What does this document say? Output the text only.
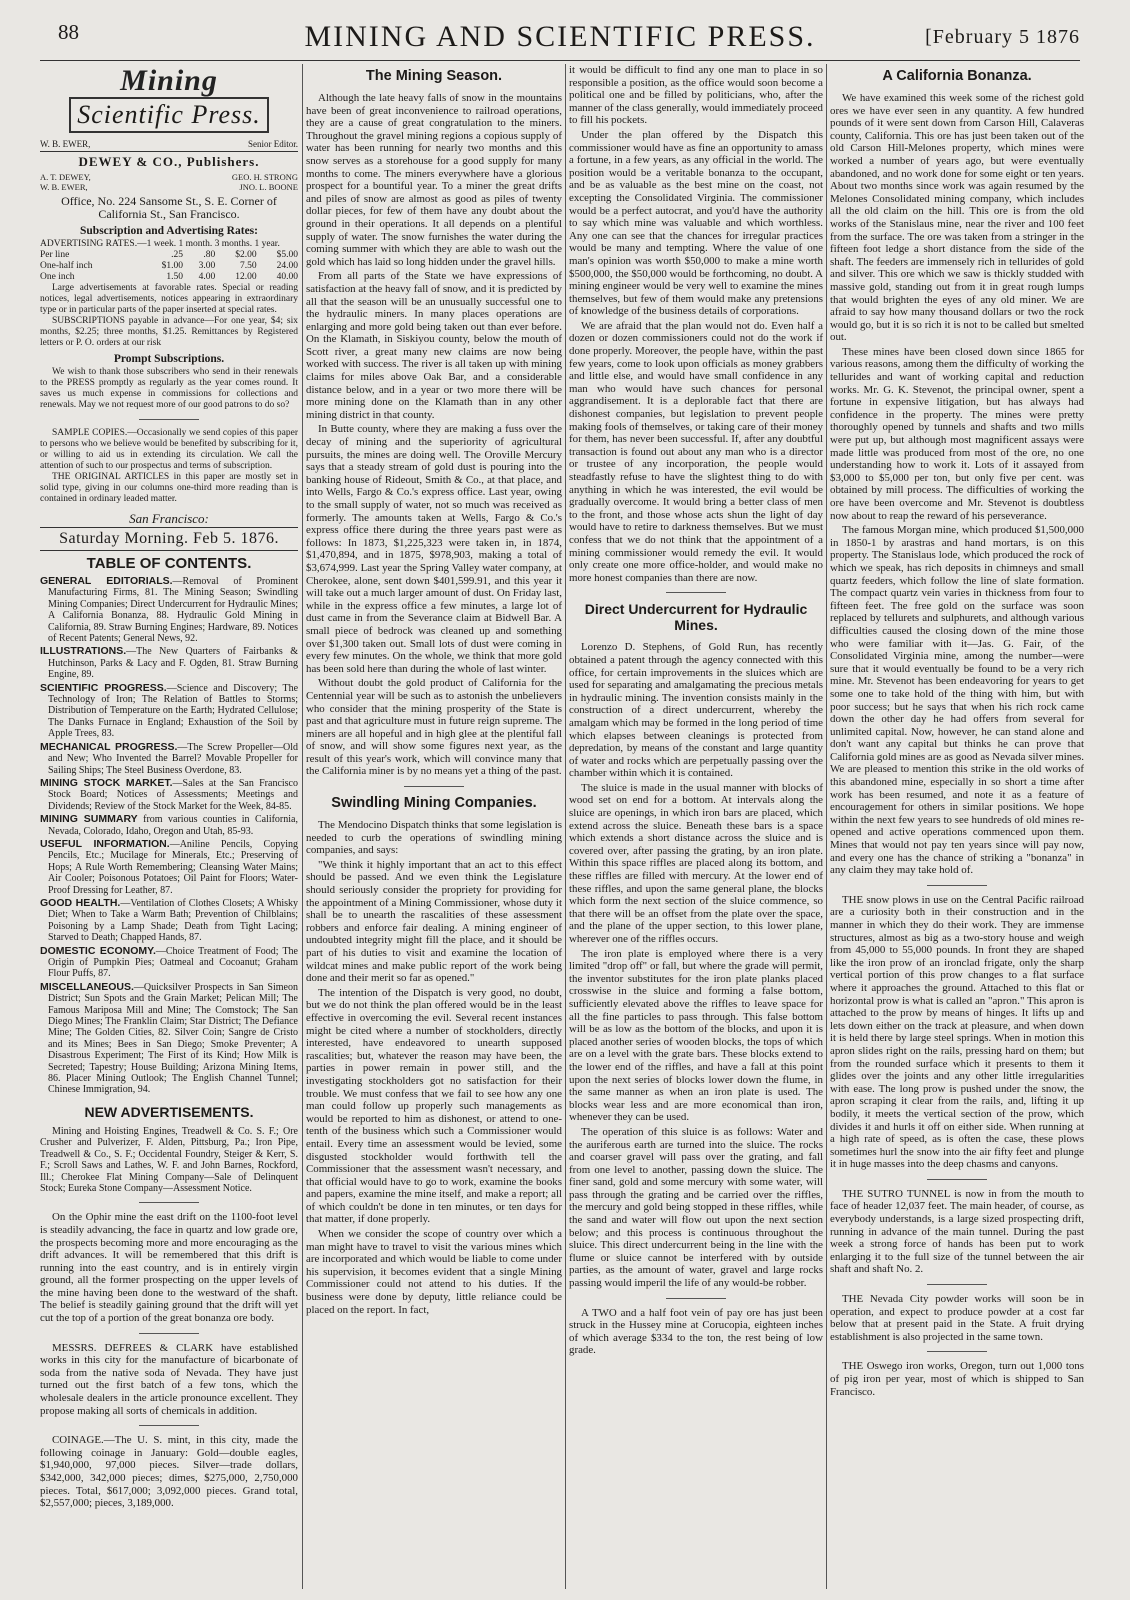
88	MINING AND SCIENTIFIC PRESS.	[February 5 1876
Mining
Scientific Press.
W. B. EWER,	Senior Editor.
DEWEY & CO., Publishers.
A. T. DEWEY,	GEO. H. STRONG
W. B. EWER,	JNO. L. BOONE

Office, No. 224 Sansome St., S. E. Corner of California St., San Francisco.

Subscription and Advertising Rates:

ADVERTISING RATES.—1 week. 1 month. 3 months. 1 year.

Per line	.25	.80	$2.00	$5.00
One-half inch	$1.00	3.00	7.50	24.00
One inch	1.50	4.00	12.00	40.00

Large advertisements at favorable rates. Special or reading notices, legal advertisements, notices appearing in extraordinary type or in particular parts of the paper inserted at special rates.

SUBSCRIPTIONS payable in advance—For one year, $4; six months, $2.25; three months, $1.25. Remittances by Registered letters or P. O. orders at our risk

Prompt Subscriptions.

We wish to thank those subscribers who send in their renewals to the PRESS promptly as regularly as the year comes round. It saves us much expense in commissions for collections and renewals. May we not request more of our good patrons to do so?

SAMPLE COPIES.—Occasionally we send copies of this paper to persons who we believe would be benefited by subscribing for it, or willing to aid us in extending its circulation. We call the attention of such to our prospectus and terms of subscription.

THE ORIGINAL ARTICLES in this paper are mostly set in solid type, giving in our columns one-third more reading than is contained in ordinary leaded matter.

San Francisco:
Saturday Morning. Feb 5. 1876.
TABLE OF CONTENTS.

GENERAL EDITORIALS.—Removal of Prominent Manufacturing Firms, 81. The Mining Season; Swindling Mining Companies; Direct Undercurrent for Hydraulic Mines; A California Bonanza, 88. Hydraulic Gold Mining in California, 89. Straw Burning Engines; Hardware, 89. Notices of Recent Patents; General News, 92.

ILLUSTRATIONS.—The New Quarters of Fairbanks & Hutchinson, Parks & Lacy and F. Ogden, 81. Straw Burning Engine, 89.

SCIENTIFIC PROGRESS.—Science and Discovery; The Technology of Iron; The Relation of Battles to Storms; Distribution of Temperature on the Earth; Hydrated Cellulose; The Danks Furnace in England; Exhaustion of the Soil by Apple Trees, 83.

MECHANICAL PROGRESS.—The Screw Propeller—Old and New; Who Invented the Barrel? Movable Propeller for Sailing Ships; The Steel Business Overdone, 83.

MINING STOCK MARKET.—Sales at the San Francisco Stock Board; Notices of Assessments; Meetings and Dividends; Review of the Stock Market for the Week, 84-85.

MINING SUMMARY from various counties in California, Nevada, Colorado, Idaho, Oregon and Utah, 85-93.

USEFUL INFORMATION.—Aniline Pencils, Copying Pencils, Etc.; Mucilage for Minerals, Etc.; Preserving of Hops; A Rule Worth Remembering; Cleansing Water Mains; Air Cooler; Poisonous Potatoes; Oil Paint for Floors; Water-Proof Dressing for Leather, 87.

GOOD HEALTH.—Ventilation of Clothes Closets; A Whisky Diet; When to Take a Warm Bath; Prevention of Chilblains; Poisoning by a Lamp Shade; Death from Tight Lacing; Starved to Death; Chapped Hands, 87.

DOMESTIC ECONOMY.—Choice Treatment of Food; The Origin of Pumpkin Pies; Oatmeal and Cocoanut; Graham Flour Puffs, 87.

MISCELLANEOUS.—Quicksilver Prospects in San Simeon District; Sun Spots and the Grain Market; Pelican Mill; The Famous Mariposa Mill and Mine; The Comstock; The San Diego Mines; The Franklin Claim; Star District; The Defiance Mine; The Golden Cities, 82. Silver Coin; Sangre de Cristo and its Mines; Bees in San Diego; Smoke Preventer; A Disastrous Experiment; The First of its Kind; How Milk is Secreted; Tapestry; House Building; Arizona Mining Items, 86. Placer Mining Outlook; The English Channel Tunnel; Chinese Immigration, 94.

NEW ADVERTISEMENTS.

Mining and Hoisting Engines, Treadwell & Co. S. F.; Ore Crusher and Pulverizer, F. Alden, Pittsburg, Pa.; Iron Pipe, Treadwell & Co., S. F.; Occidental Foundry, Steiger & Kerr, S. F.; Scroll Saws and Lathes, W. F. and John Barnes, Rockford, Ill.; Cherokee Flat Mining Company—Sale of Delinquent Stock; Eureka Stone Company—Assessment Notice.

On the Ophir mine the east drift on the 1100-foot level is steadily advancing, the face in quartz and low grade ore, the prospects becoming more and more encouraging as the drift advances. It will be remembered that this drift is running into the east country, and is in entirely virgin ground, all the former prospecting on the upper levels of the mine having been done to the westward of the shaft. The belief is steadily gaining ground that the drift will yet cut the top of a portion of the great bonanza ore body.

MESSRS. DEFREES & CLARK have established works in this city for the manufacture of bicarbonate of soda from the native soda of Nevada. They have just turned out the first batch of a few tons, which the wholesale dealers in the article pronounce excellent. They propose making all sorts of chemicals in addition.

COINAGE.—The U. S. mint, in this city, made the following coinage in January: Gold—double eagles, $1,940,000, 97,000 pieces. Silver—trade dollars, $342,000, 342,000 pieces; dimes, $275,000, 2,750,000 pieces. Total, $617,000; 3,092,000 pieces. Grand total, $2,557,000; pieces, 3,189,000.

The Mining Season.

Although the late heavy falls of snow in the mountains have been of great inconvenience to railroad operations, they are a cause of great congratulation to the miners. Throughout the gravel mining regions a copious supply of water has been running for nearly two months and this snow serves as a storehouse for a good supply for many months to come. The miners everywhere have a glorious prospect for a bountiful year. To a miner the great drifts and piles of snow are almost as good as piles of twenty dollar pieces, for few of them have any doubt about the ground in their operations. It all depends on a plentiful supply of water. The snow furnishes the water during the coming summer with which they are able to wash out the gold which has laid so long hidden under the gravel hills.

From all parts of the State we have expressions of satisfaction at the heavy fall of snow, and it is predicted by all that the season will be an unusually successful one to the hydraulic miners. In many places operations are enlarging and more gold being taken out than ever before. On the Klamath, in Siskiyou county, below the mouth of Scott river, a great many new claims are now being worked with success. The river is all taken up with mining claims for miles above Oak Bar, and a considerable distance below, and in a year or two more there will be more mining done on the Klamath than in any other mining district in that county.

In Butte county, where they are making a fuss over the decay of mining and the superiority of agricultural pursuits, the mines are doing well. The Oroville Mercury says that a steady stream of gold dust is pouring into the banking house of Rideout, Smith & Co., at that place, and into Wells, Fargo & Co.'s express office. Last year, owing to the small supply of water, not so much was received as formerly. The amounts taken at Wells, Fargo & Co.'s express office there during the three years past were as follows: In 1873, $1,225,323 were taken in, in 1874, $1,470,894, and in 1875, $978,903, making a total of $3,674,999. Last year the Spring Valley water company, at Cherokee, alone, sent down $401,599.91, and this year it will take out a much larger amount of dust. On Friday last, while in the express office a few minutes, a large lot of dust came in from the Severance claim at Bidwell Bar. A small piece of bedrock was cleaned up and something over $1,300 taken out. Small lots of dust were coming in every few minutes. On the whole, we think that more gold has been sold here than during the whole of last winter.

Without doubt the gold product of California for the Centennial year will be such as to astonish the unbelievers who consider that the mining prosperity of the State is past and that agriculture must in future reign supreme. The miners are all hopeful and in high glee at the plentiful fall of snow, and will show some figures next year, as the result of this year's work, which will convince many that the California miner is by no means yet a thing of the past.

Swindling Mining Companies.

The Mendocino Dispatch thinks that some legislation is needed to curb the operations of swindling mining companies, and says:

"We think it highly important that an act to this effect should be passed. And we even think the Legislature should seriously consider the propriety for providing for the appointment of a Mining Commissioner, whose duty it shall be to unearth the rascalities of these assessment robbers and enforce fair dealing. A mining engineer of undoubted integrity might fill the place, and it should be part of his duties to visit and examine the location of wildcat mines and make public report of the work being done and their merit so far as opened."

The intention of the Dispatch is very good, no doubt, but we do not think the plan offered would be in the least effective in overcoming the evil. Several recent instances might be cited where a number of stockholders, directly interested, have endeavored to unearth supposed rascalities; but, whatever the reason may have been, the parties in power remain in power still, and the investigating stockholders got no satisfaction for their trouble. We must confess that we fail to see how any one man could follow up properly such managements as would be reported to him as dishonest, or attend to one-tenth of the business which such a Commissioner would entail. Every time an assessment would be levied, some disgusted stockholder would forthwith tell the Commissioner that the assessment wasn't necessary, and that official would have to go to work, examine the books and papers, examine the mine itself, and make a report; all of which couldn't be done in ten minutes, or ten days for that matter, if done properly.

When we consider the scope of country over which a man might have to travel to visit the various mines which are incorporated and which would be liable to come under his supervision, it becomes evident that a single Mining Commissioner could not attend to his duties. If the business were done by deputy, little reliance could be placed on the report. In fact,

it would be difficult to find any one man to place in so responsible a position, as the office would soon become a political one and be filled by politicians, who, after the manner of the class generally, would immediately proceed to fill his pockets.

Under the plan offered by the Dispatch this commissioner would have as fine an opportunity to amass a fortune, in a few years, as any official in the world. The position would be a veritable bonanza to the occupant, and be as valuable as the best mine on the coast, not excepting the Consolidated Virginia. The commissioner would be a perfect autocrat, and you'd have the authority to say which mine was valuable and which worthless. Any one can see that the chances for irregular practices would be many and tempting. Where the value of one man's opinion was worth $50,000 to make a mine worth $500,000, the $50,000 would be forthcoming, no doubt. A mining engineer would be very well to examine the mines themselves, but few of them would make any pretensions of knowledge of the business details of corporations.

We are afraid that the plan would not do. Even half a dozen or dozen commissioners could not do the work if done properly. Moreover, the people have, within the past few years, come to look upon officials as money grabbers and little else, and would have small confidence in any man who would have such chances for personal aggrandisement. It is a deplorable fact that there are dishonest companies, but legislation to prevent people making fools of themselves, or taking care of their money for them, has never been successful. If, after any doubtful transaction is found out about any man who is a director or trustee of any incorporation, the people would steadfastly refuse to have the slightest thing to do with anything in which he was interested, the evil would be gradually overcome. It would bring a better class of men to the front, and those whose acts shun the light of day would have to retire to darkness themselves. But we must confess that we do not think that the appointment of a mining commissioner would remedy the evil. It would only create one more office-holder, and would make no more honest companies than there are now.

Direct Undercurrent for Hydraulic Mines.

Lorenzo D. Stephens, of Gold Run, has recently obtained a patent through the agency connected with this office, for certain improvements in the sluices which are used for separating and amalgamating the precious metals in hydraulic mining. The invention consists mainly in the construction of a direct undercurrent, whereby the amalgam which may be formed in the long period of time which elapses between cleanings is protected from depredation, by means of the constant and large quantity of water and rocks which are perpetually passing over the chamber within which it is contained.

The sluice is made in the usual manner with blocks of wood set on end for a bottom. At intervals along the sluice are openings, in which iron bars are placed, which extend across the sluice. Beneath these bars is a space which extends a short distance across the sluice and is covered over, after passing the grating, by an iron plate. Within this space riffles are placed along its bottom, and these riffles are filled with mercury. At the lower end of these riffles, and upon the same general plane, the blocks which form the next section of the sluice commence, so that there will be an offset from the plate over the space, and the plane of the upper section, to this lower plane, wherever one of the riffles occurs.

The iron plate is employed where there is a very limited "drop off" or fall, but where the grade will permit, the inventor substitutes for the iron plate planks placed crosswise in the sluice and forming a false bottom, sufficiently elevated above the riffles to leave space for all the fine particles to pass through. This false bottom will be as low as the bottom of the blocks, and upon it is placed another series of wooden blocks, the tops of which are on a level with the grate bars. These blocks extend to the lower end of the riffles, and have a fall at this point upon the next series of blocks lower down the flume, in the same manner as when an iron plate is used. The blocks wear less and are more economical than iron, whenever they can be used.

The operation of this sluice is as follows: Water and the auriferous earth are turned into the sluice. The rocks and coarser gravel will pass over the grating, and fall from one level to another, passing down the sluice. The finer sand, gold and some mercury with some water, will pass through the grating and be carried over the riffles, the mercury and gold being stopped in these riffles, while the sand and water will flow out upon the next section below; and this process is continuous throughout the sluice. This direct undercurrent being in the line with the flume or sluice cannot be interfered with by outside parties, as the amount of water, gravel and large rocks passing would imperil the life of any would-be robber.

A TWO and a half foot vein of pay ore has just been struck in the Hussey mine at Corucopia, eighteen inches of which average $334 to the ton, the rest being of low grade.

A California Bonanza.

We have examined this week some of the richest gold ores we have ever seen in any quantity. A few hundred pounds of it were sent down from Carson Hill, Calaveras county, California. This ore has just been taken out of the old Carson Hill-Melones property, which mines were worked a number of years ago, but were eventually abandoned, and no work done for some eight or ten years. About two months since work was again resumed by the Melones Consolidated mining company, which includes all the old claim on the hill. This ore is from the old works of the Stanislaus mine, near the river and 100 feet from the surface. The ore was taken from a stringer in the fifteen foot ledge a short distance from the side of the shaft. The feeders are immensely rich in tellurides of gold and silver. This ore which we saw is thickly studded with massive gold, standing out from it in great rough lumps that would brighten the eyes of any old miner. We are afraid to say how many thousand dollars or two the rock would go, but it is so rich it is not to be called but smelted out.

These mines have been closed down since 1865 for various reasons, among them the difficulty of working the tellurides and want of working capital and reduction works. Mr. G. K. Stevenot, the principal owner, spent a fortune in expensive litigation, but has always had confidence in the property. The mines were pretty thoroughly opened by tunnels and shafts and two mills were put up, but although most magnificent assays were made little was produced from most of the ore, no one understanding how to work it. Lots of it assayed from $3,000 to $5,000 per ton, but only five per cent. was obtained by mill process. The difficulties of working the ore have been overcome and Mr. Stevenot is doubtless now about to reap the reward of his perseverance.

The famous Morgan mine, which produced $1,500,000 in 1850-1 by arastras and hand mortars, is on this property. The Stanislaus lode, which produced the rock of which we speak, has rich deposits in chimneys and small quartz feeders, which follow the line of slate formation. The compact quartz vein varies in thickness from four to fifteen feet. The free gold on the surface was soon replaced by tellurets and sulphurets, and although various difficulties caused the closing down of the mine those who were familiar with it—Jas. G. Fair, of the Consolidated Virginia mine, among the number—were sure that it would eventually be found to be a very rich mine. Mr. Stevenot has been endeavoring for years to get some one to take hold of the thing with him, but with poor success; but he says that when his rich rock came down the other day he had offers from several for unlimited capital. Now, however, he can stand alone and don't want any capital but thinks he can prove that California gold mines are as good as Nevada silver mines. We are pleased to mention this strike in the old works of this abandoned mine, especially in so short a time after work has been resumed, and note it as a feature of encouragement for others in similar positions. We hope within the next few years to see hundreds of old mines re-opened and active operations commenced upon them. Mines that would not pay ten years since will pay now, and every one has the chance of striking a "bonanza" in any claim they may take hold of.

THE snow plows in use on the Central Pacific railroad are a curiosity both in their construction and in the manner in which they do their work. They are immense structures, almost as big as a two-story house and weigh from 45,000 to 55,000 pounds. In front they are shaped like the iron prow of an ironclad frigate, only the sharp vertical portion of this prow changes to a flat surface where it approaches the ground. Attached to this flat or horizontal prow is what is called an "apron." This apron is attached to the prow by means of hinges. It lifts up and lets down either on the track at pleasure, and when down it is held there by large steel springs. When in motion this apron slides right on the rails, pressing hard on them; but from the rounded surface which it presents to them it glides over the joints and any other little irregularities with ease. The long prow is pushed under the snow, the apron scraping it clear from the rails, and, lifting it up bodily, it meets the vertical section of the prow, which divides it and hurls it off on either side. When running at a high rate of speed, as is often the case, these plows sometimes hurl the snow into the air fifty feet and plunge it in huge masses into the deep chasms and canyons.

THE SUTRO TUNNEL is now in from the mouth to face of header 12,037 feet. The main header, of course, as everybody understands, is a large sized prospecting drift, running in advance of the main tunnel. During the past week a strong force of hands has been put to work enlarging it to the full size of the tunnel between the air shaft and shaft No. 2.

THE Nevada City powder works will soon be in operation, and expect to produce powder at a cost far below that at present paid in the State. A fruit drying establishment is also projected in the same town.

THE Oswego iron works, Oregon, turn out 1,000 tons of pig iron per year, most of which is shipped to San Francisco.
